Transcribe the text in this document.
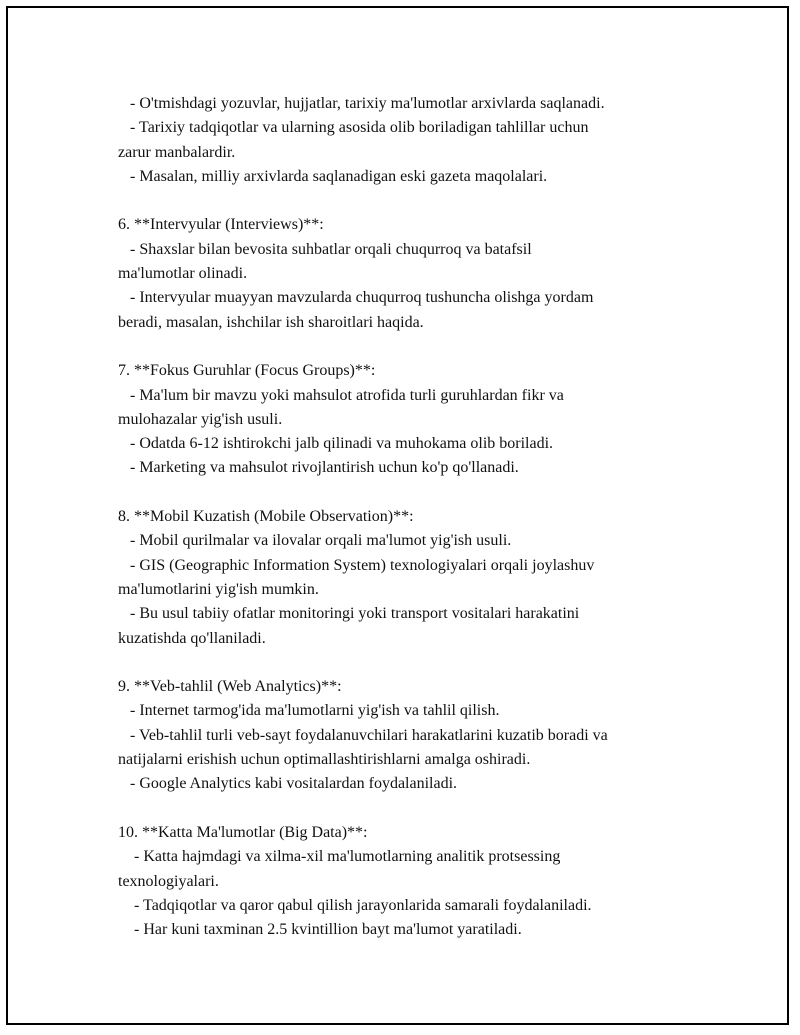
- O'tmishdagi yozuvlar, hujjatlar, tarixiy ma'lumotlar arxivlarda saqlanadi.
- Tarixiy tadqiqotlar va ularning asosida olib boriladigan tahlillar uchun
zarur manbalardir.
- Masalan, milliy arxivlarda saqlanadigan eski gazeta maqolalari.
6. **Intervyular (Interviews)**:
- Shaxslar bilan bevosita suhbatlar orqali chuqurroq va batafsil
ma'lumotlar olinadi.
- Intervyular muayyan mavzularda chuqurroq tushuncha olishga yordam
beradi, masalan, ishchilar ish sharoitlari haqida.
7. **Fokus Guruhlar (Focus Groups)**:
- Ma'lum bir mavzu yoki mahsulot atrofida turli guruhlardan fikr va
mulohazalar yig'ish usuli.
- Odatda 6-12 ishtirokchi jalb qilinadi va muhokama olib boriladi.
- Marketing va mahsulot rivojlantirish uchun ko'p qo'llanadi.
8. **Mobil Kuzatish (Mobile Observation)**:
- Mobil qurilmalar va ilovalar orqali ma'lumot yig'ish usuli.
- GIS (Geographic Information System) texnologiyalari orqali joylashuv
ma'lumotlarini yig'ish mumkin.
- Bu usul tabiiy ofatlar monitoringi yoki transport vositalari harakatini
kuzatishda qo'llaniladi.
9. **Veb-tahlil (Web Analytics)**:
- Internet tarmog'ida ma'lumotlarni yig'ish va tahlil qilish.
- Veb-tahlil turli veb-sayt foydalanuvchilari harakatlarini kuzatib boradi va
natijalarni erishish uchun optimallashtirishlarni amalga oshiradi.
- Google Analytics kabi vositalardan foydalaniladi.
10. **Katta Ma'lumotlar (Big Data)**:
- Katta hajmdagi va xilma-xil ma'lumotlarning analitik protsessing
texnologiyalari.
- Tadqiqotlar va qaror qabul qilish jarayonlarida samarali foydalaniladi.
- Har kuni taxminan 2.5 kvintillion bayt ma'lumot yaratiladi.
